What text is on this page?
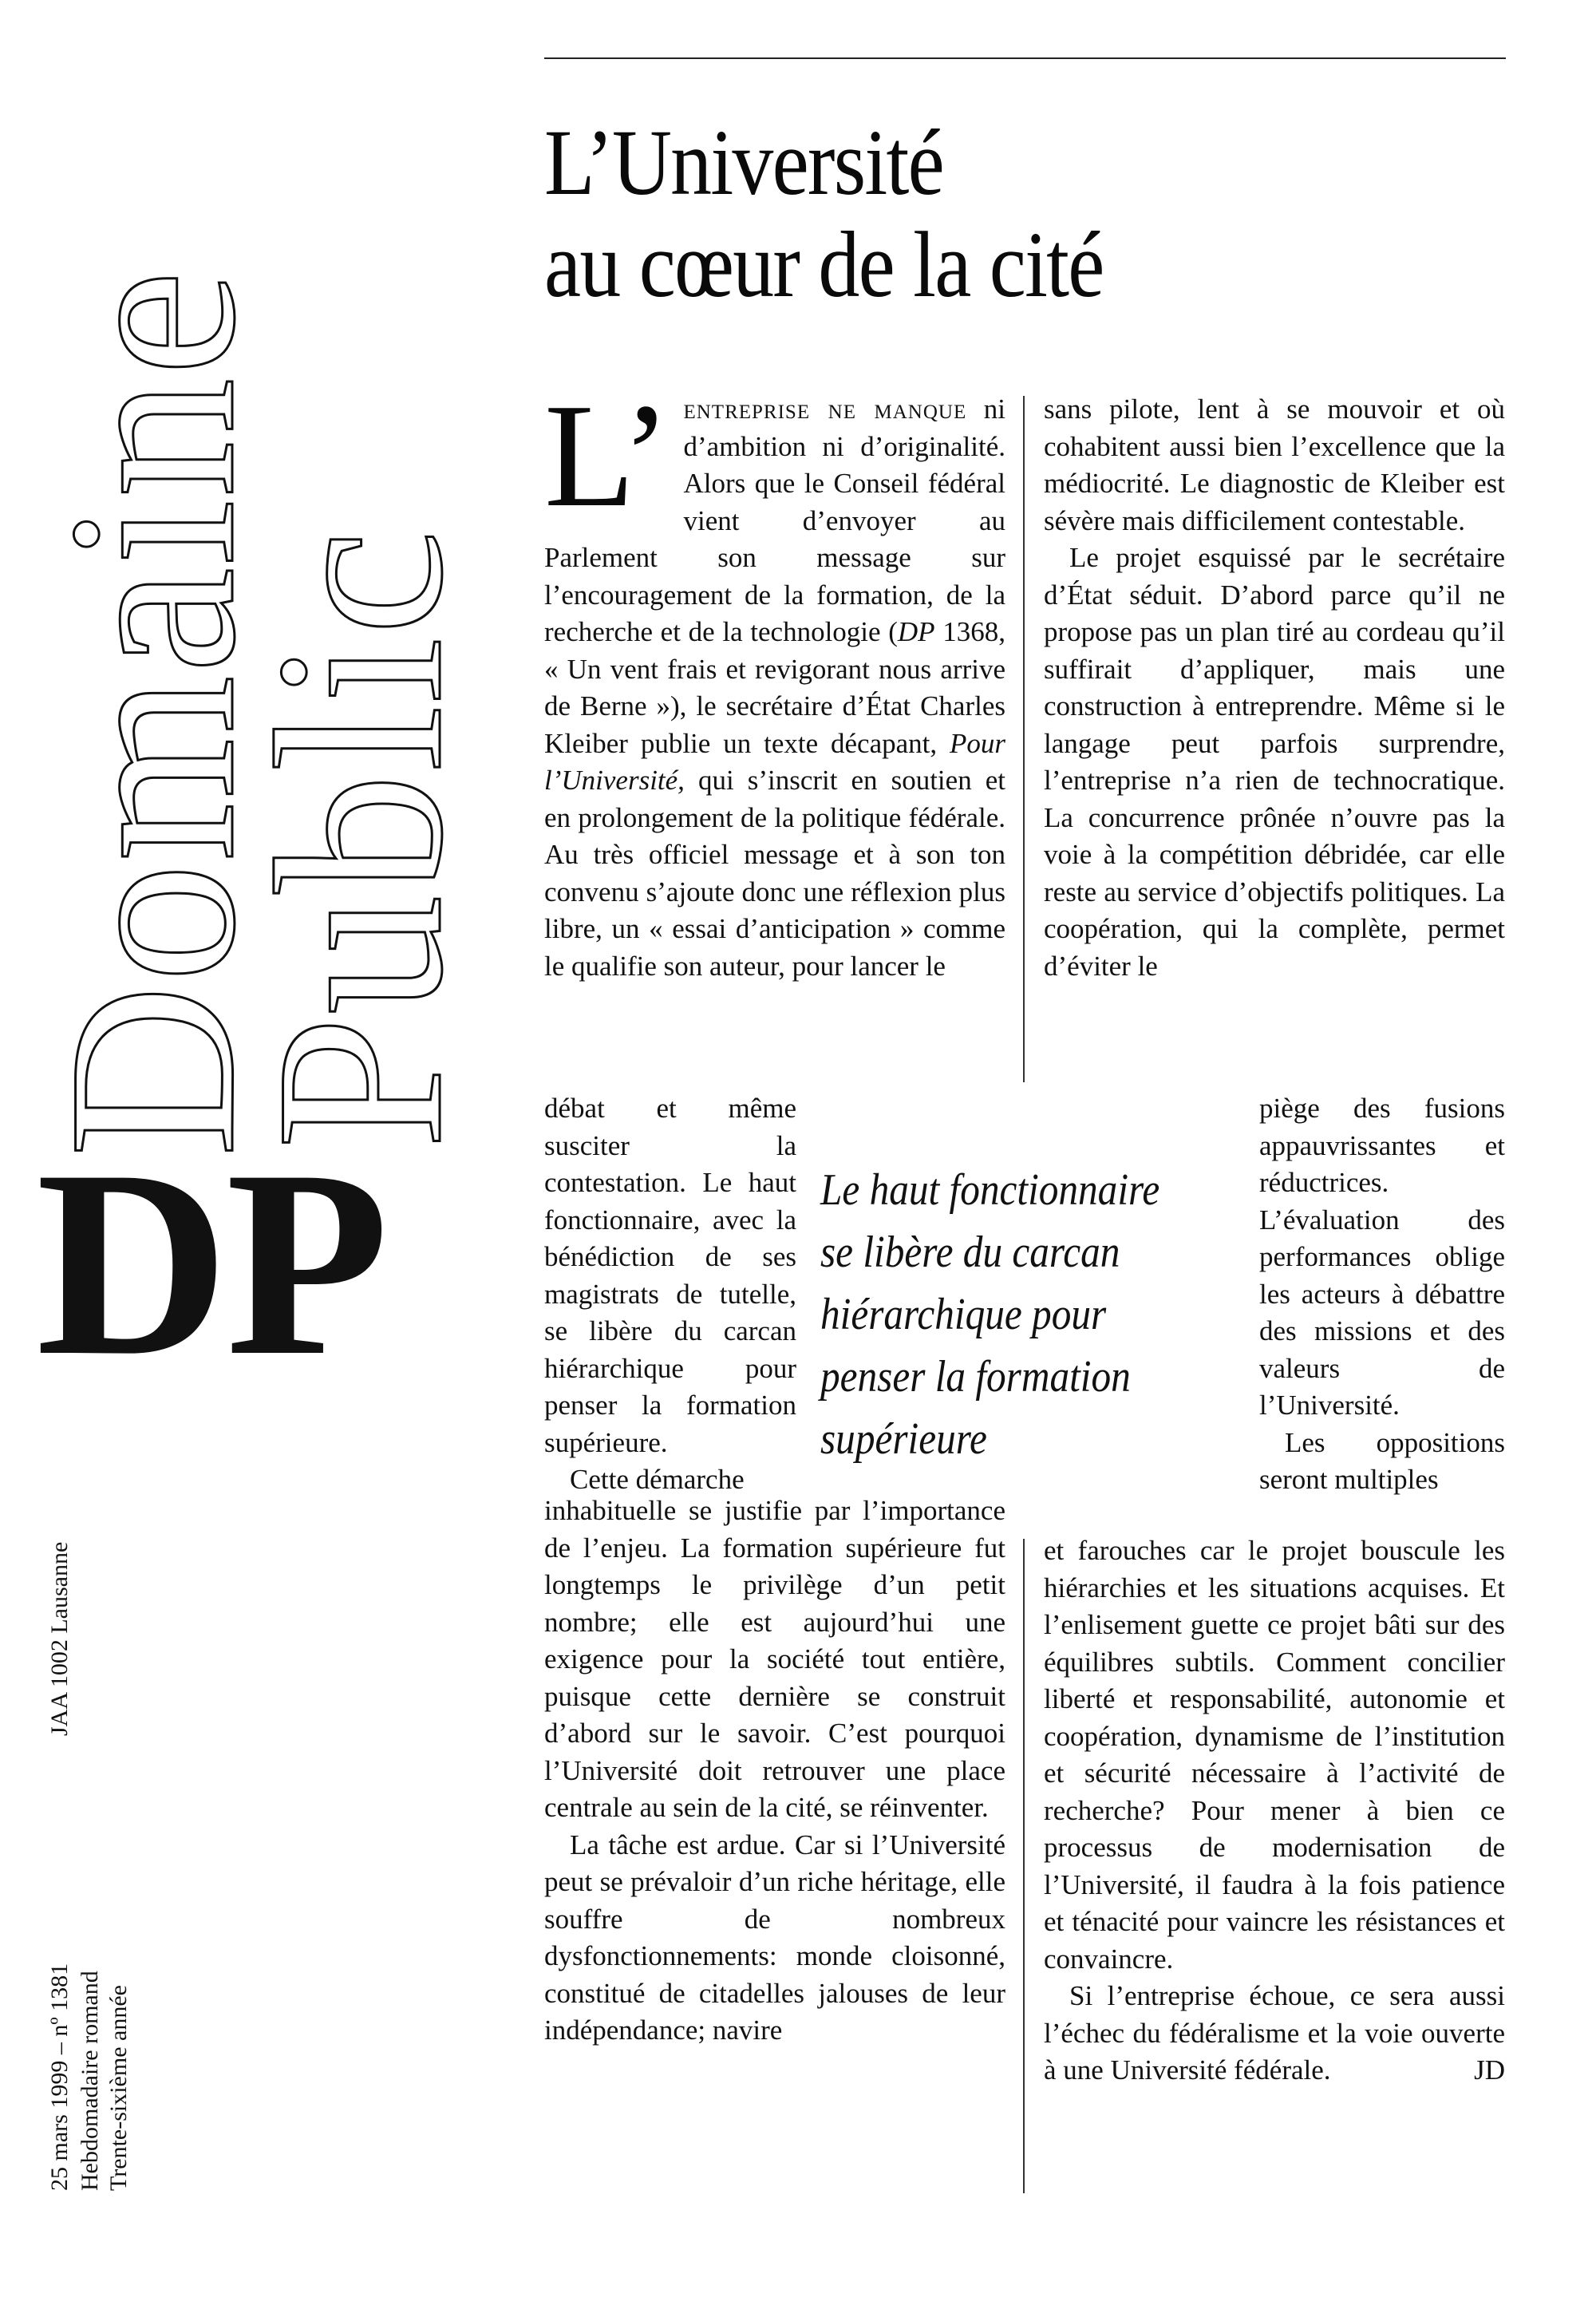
Domaine
Public
DP
JAA 1002 Lausanne
25 mars 1999 – nº 1381 Hebdomadaire romand Trente-sixième année
L’Université
au cœur de la cité

L’ entreprise ne manque ni d’ambition ni d’originalité. Alors que le Conseil fédéral vient d’envoyer au Parlement son message sur l’encouragement de la formation, de la recherche et de la technologie (DP 1368, « Un vent frais et revigorant nous arrive de Berne »), le secrétaire d’État Charles Kleiber publie un texte décapant, Pour l’Université, qui s’inscrit en soutien et en prolongement de la politique fédérale. Au très officiel message et à son ton convenu s’ajoute donc une réflexion plus libre, un « essai d’anticipation » comme le qualifie son auteur, pour lancer le

débat et même susciter la contestation. Le haut fonctionnaire, avec la bénédiction de ses magistrats de tutelle, se libère du carcan hiérarchique pour penser la formation supérieure.

Cette démarche

inhabituelle se justifie par l’importance de l’enjeu. La formation supérieure fut longtemps le privilège d’un petit nombre; elle est aujourd’hui une exigence pour la société tout entière, puisque cette dernière se construit d’abord sur le savoir. C’est pourquoi l’Université doit retrouver une place centrale au sein de la cité, se réinventer.

La tâche est ardue. Car si l’Université peut se prévaloir d’un riche héritage, elle souffre de nombreux dysfonctionnements: monde cloisonné, constitué de citadelles jalouses de leur indépendance; navire

sans pilote, lent à se mouvoir et où cohabitent aussi bien l’excellence que la médiocrité. Le diagnostic de Kleiber est sévère mais difficilement contestable.

Le projet esquissé par le secrétaire d’État séduit. D’abord parce qu’il ne propose pas un plan tiré au cordeau qu’il suffirait d’appliquer, mais une construction à entreprendre. Même si le langage peut parfois surprendre, l’entreprise n’a rien de technocratique. La concurrence prônée n’ouvre pas la voie à la compétition débridée, car elle reste au service d’objectifs politiques. La coopération, qui la complète, permet d’éviter le

piège des fusions appauvrissantes et réductrices. L’évaluation des performances oblige les acteurs à débattre des missions et des valeurs de l’Université.

Les oppositions seront multiples

et farouches car le projet bouscule les hiérarchies et les situations acquises. Et l’enlisement guette ce projet bâti sur des équilibres subtils. Comment concilier liberté et responsabilité, autonomie et coopération, dynamisme de l’institution et sécurité nécessaire à l’activité de recherche? Pour mener à bien ce processus de modernisation de l’Université, il faudra à la fois patience et ténacité pour vaincre les résistances et convaincre.

Si l’entreprise échoue, ce sera aussi l’échec du fédéralisme et la voie ouverte à une Université fédérale.	JD

Le haut fonctionnaire
se libère du carcan
hiérarchique pour
penser la formation
supérieure
